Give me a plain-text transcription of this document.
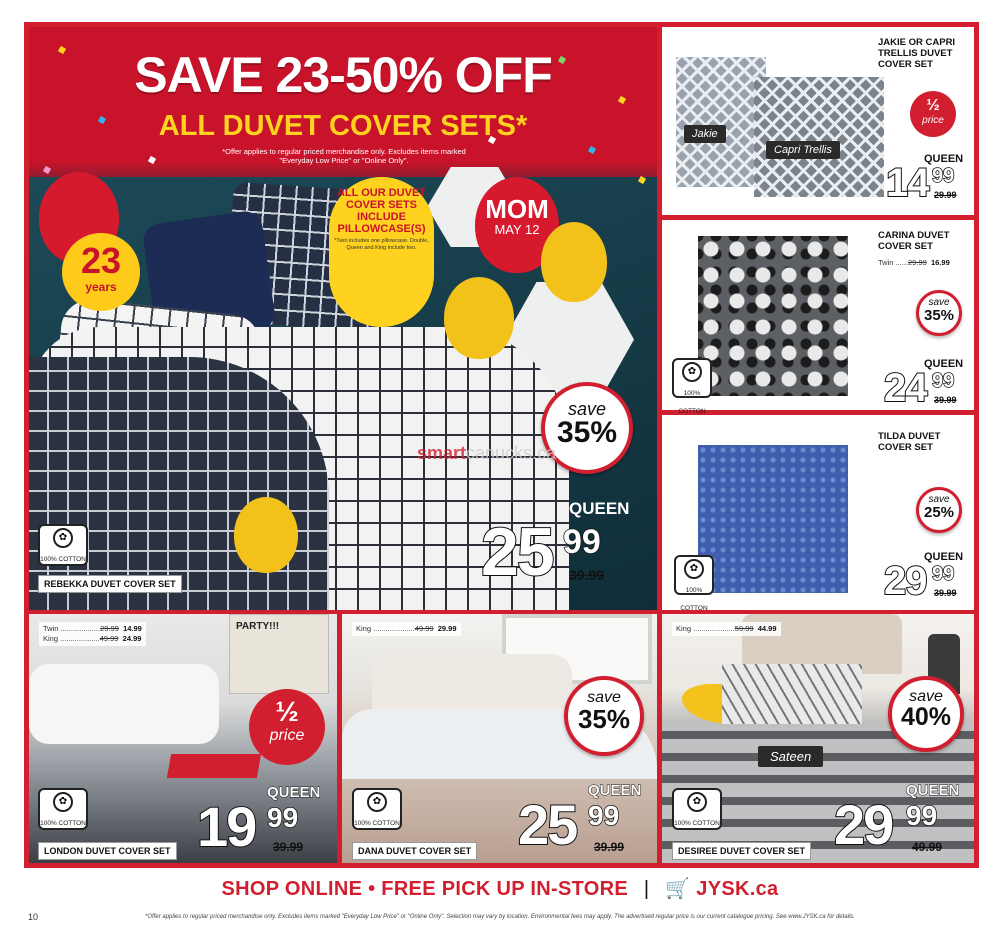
SAVE 23-50% OFF
ALL DUVET COVER SETS*
*Offer applies to regular priced merchandise only. Excludes items marked "Everyday Low Price" or "Online Only".
23
years
ALL OUR DUVET COVER SETS INCLUDE PILLOWCASE(S)
*Twin includes one pillowcase. Double, Queen and King include two.
MOM
MAY 12
save
35%
smartcanucks.ca
✿
100% COTTON
QUEEN
25 99
39.99
REBEKKA DUVET COVER SET
Jakie
Capri Trellis
JAKIE OR CAPRI TRELLIS DUVET COVER SET
½
price
QUEEN
14 99
29.99
CARINA DUVET COVER SET
Twin ......29.99 16.99
save
35%
✿
100% COTTON
QUEEN
24 99
39.99
TILDA DUVET COVER SET
save
25%
✿
100% COTTON
QUEEN
29 99
39.99
PARTY!!!
Twin ...................29.99 14.99
King ...................49.99 24.99
½
price
✿
100% COTTON
QUEEN
19 99
39.99
LONDON DUVET COVER SET
King ....................49.99 29.99
save
35%
✿
100% COTTON
QUEEN
25 99
39.99
DANA DUVET COVER SET
King ....................59.99 44.99
Sateen
save
40%
✿
100% COTTON
QUEEN
29 99
49.99
DESIREE DUVET COVER SET
SHOP ONLINE • FREE PICK UP IN-STORE | 🛒 JYSK.ca
10	*Offer applies to regular priced merchandise only. Excludes items marked "Everyday Low Price" or "Online Only". Selection may vary by location. Environmental fees may apply. The advertised regular price is our current catalogue pricing. See www.JYSK.ca for details.
